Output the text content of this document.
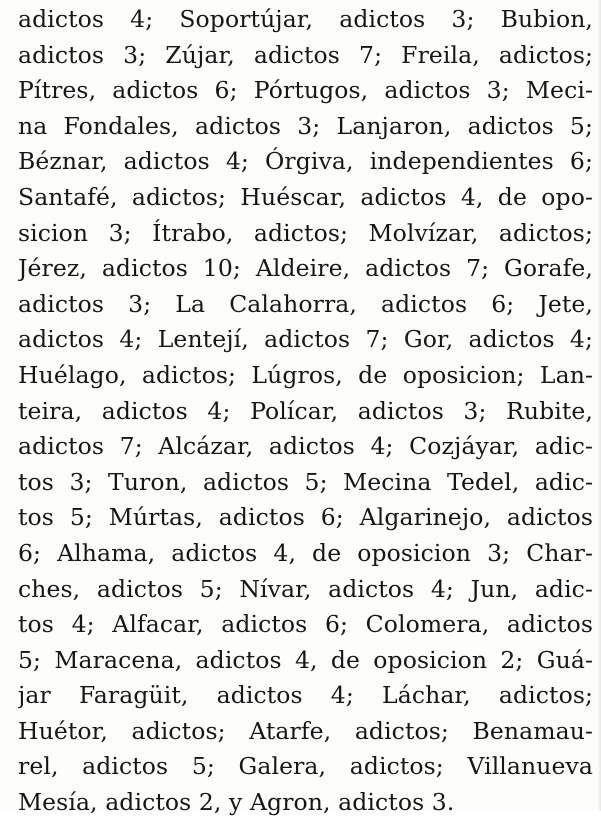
adictos 4; Soportújar, adictos 3; Bubion,
adictos 3; Zújar, adictos 7; Freila, adictos;
Pítres, adictos 6; Pórtugos, adictos 3; Meci-
na Fondales, adictos 3; Lanjaron, adictos 5;
Béznar, adictos 4; Órgiva, independientes 6;
Santafé, adictos; Huéscar, adictos 4, de opo-
sicion 3; Ítrabo, adictos; Molvízar, adictos;
Jérez, adictos 10; Aldeire, adictos 7; Gorafe,
adictos 3; La Calahorra, adictos 6; Jete,
adictos 4; Lentejí, adictos 7; Gor, adictos 4;
Huélago, adictos; Lúgros, de oposicion; Lan-
teira, adictos 4; Polícar, adictos 3; Rubite,
adictos 7; Alcázar, adictos 4; Cozjáyar, adic-
tos 3; Turon, adictos 5; Mecina Tedel, adic-
tos 5; Múrtas, adictos 6; Algarinejo, adictos
6; Alhama, adictos 4, de oposicion 3; Char-
ches, adictos 5; Nívar, adictos 4; Jun, adic-
tos 4; Alfacar, adictos 6; Colomera, adictos
5; Maracena, adictos 4, de oposicion 2; Guá-
jar Faragüit, adictos 4; Láchar, adictos;
Huétor, adictos; Atarfe, adictos; Benamau-
rel, adictos 5; Galera, adictos; Villanueva
Mesía, adictos 2, y Agron, adictos 3.
